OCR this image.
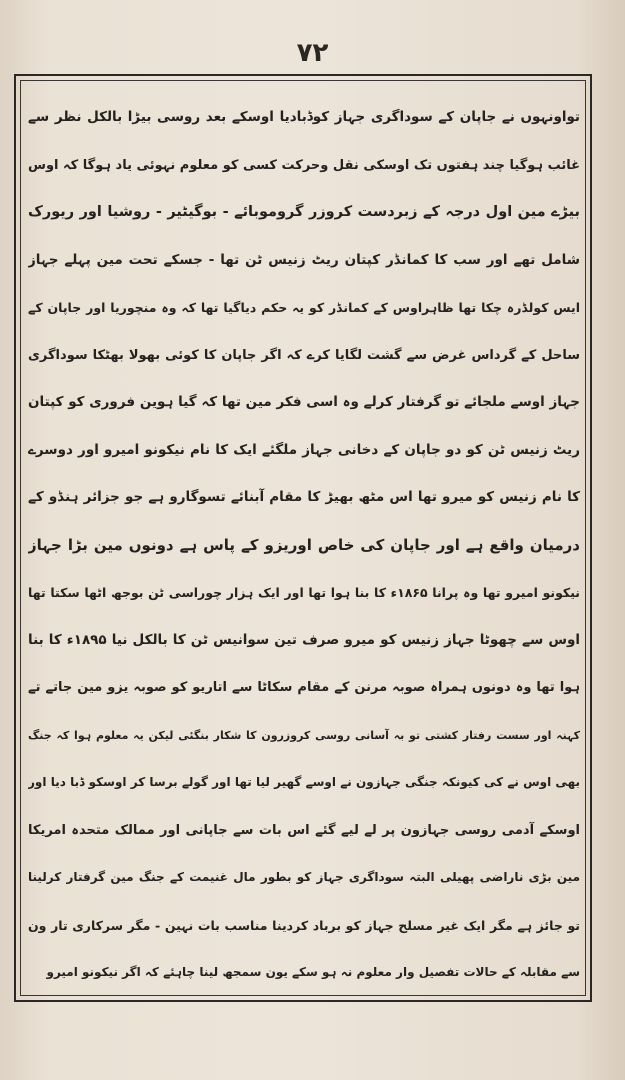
٧٢
تواونہوں نے جاپان کے سوداگری جہاز کوڈبادیا اوسکے بعد روسی بیڑا بالکل نظر سے
غائب ہوگیا چند ہفتوں تک اوسکی نقل وحرکت کسی کو معلوم نہوئی یاد ہوگا کہ اوس
بیڑے مین اول درجہ کے زبردست کروزر گروموبائے - بوگیٹیر - روشیا اور ریورک
شامل تھے اور سب کا کمانڈر کپتان ریٹ زنیس ٹن تھا - جسکے تحت مین پہلے جہاز
ایس کولڈرہ چکا تھا ظاہراوس کے کمانڈر کو یہ حکم دیاگیا تھا کہ وہ منچوریا اور جاپان کے
ساحل کے گرداس غرض سے گشت لگایا کرے کہ اگر جاپان کا کوئی بھولا بھٹکا سوداگری
جہاز اوسے ملجائے تو گرفتار کرلے وہ اسی فکر مین تھا کہ گیا ہوین فروری کو کپتان
ریٹ زنیس ٹن کو دو جاپان کے دخانی جہاز ملگئے ایک کا نام نیکونو امیرو اور دوسرے
کا نام زنیس کو میرو تھا اس مٹھ بھیڑ کا مقام آبنائے تسوگارو ہے جو جزائر ہنڈو کے
درمیان واقع ہے اور جاپان کی خاص اوریزو کے پاس ہے دونوں مین بڑا جہاز
نیکونو امیرو تھا وہ پرانا ۱۸۶۵ء کا بنا ہوا تھا اور ایک ہزار چوراسی ٹن بوجھ اٹھا سکتا تھا
اوس سے چھوٹا جہاز زنیس کو میرو صرف تین سوانیس ٹن کا بالکل نیا ۱۸۹۵ء کا بنا
ہوا تھا وہ دونوں ہمراہ صوبہ مرنن کے مقام سکاٹا سے اتاریو کو صوبہ یزو مین جاتے تے
کہنہ اور سست رفتار کشتی تو بہ آسانی روسی کروزرون کا شکار بنگئی لیکن یہ معلوم ہوا کہ جنگ
بھی اوس نے کی کیونکہ جنگی جہازون نے اوسے گھیر لیا تھا اور گولے برسا کر اوسکو ڈبا دیا اور
اوسکے آدمی روسی جہازون پر لے لیے گئے اس بات سے جاپانی اور ممالک متحدہ امریکا
مین بڑی ناراضی پھیلی البتہ سوداگری جہاز کو بطور مال غنیمت کے جنگ مین گرفتار کرلینا
تو جائز ہے مگر ایک غیر مسلح جہاز کو برباد کردینا مناسب بات نہین - مگر سرکاری تار ون
سے مقابلہ کے حالات تفصیل وار معلوم نہ ہو سکے یون سمجھ لینا چاہئے کہ اگر نیکونو امیرو
